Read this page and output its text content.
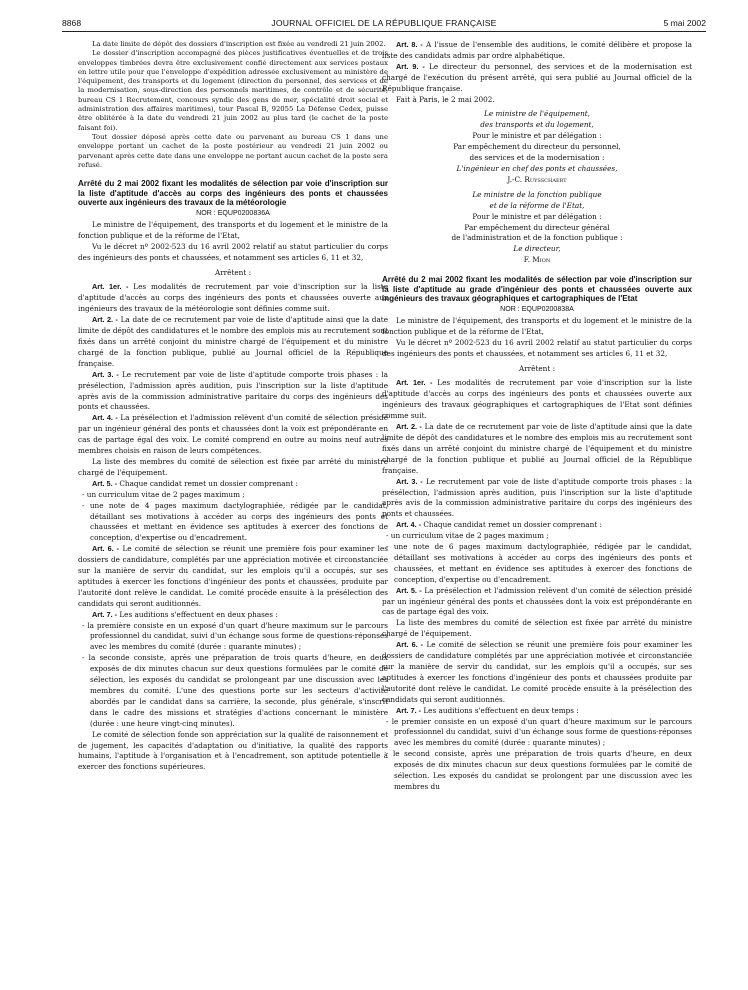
8868	JOURNAL OFFICIEL DE LA RÉPUBLIQUE FRANÇAISE	5 mai 2002

La date limite de dépôt des dossiers d'inscription est fixée au vendredi 21 juin 2002.

Le dossier d'inscription accompagné des pièces justificatives éventuelles et de trois enveloppes timbrées devra être exclusivement confié directement aux services postaux en lettre utile pour que l'enveloppe d'expédition adressée exclusivement au ministère de l'équipement, des transports et du logement (direction du personnel, des services et de la modernisation, sous-direction des personnels maritimes, de contrôle et de sécurité, bureau CS 1 Recrutement, concours syndic des gens de mer, spécialité droit social et administration des affaires maritimes), tour Pascal B, 92055 La Défense Cedex, puisse être oblitérée à la date du vendredi 21 juin 2002 au plus tard (le cachet de la poste faisant foi).

Tout dossier déposé après cette date ou parvenant au bureau CS 1 dans une enveloppe portant un cachet de la poste postérieur au vendredi 21 juin 2002 ou parvenant après cette date dans une enveloppe ne portant aucun cachet de la poste sera refusé.

Arrêté du 2 mai 2002 fixant les modalités de sélection par voie d'inscription sur la liste d'aptitude d'accès au corps des ingénieurs des ponts et chaussées ouverte aux ingénieurs des travaux de la météorologie

NOR : EQUP0200836A

Le ministre de l'équipement, des transports et du logement et le ministre de la fonction publique et de la réforme de l'Etat,

Vu le décret nº 2002-523 du 16 avril 2002 relatif au statut particulier du corps des ingénieurs des ponts et chaussées, et notamment ses articles 6, 11 et 32,

Arrêtent :

Art. 1er. - Les modalités de recrutement par voie d'inscription sur la liste d'aptitude d'accès au corps des ingénieurs des ponts et chaussées ouverte aux ingénieurs des travaux de la météorologie sont définies comme suit.

Art. 2. - La date de ce recrutement par voie de liste d'aptitude ainsi que la date limite de dépôt des candidatures et le nombre des emplois mis au recrutement sont fixés dans un arrêté conjoint du ministre chargé de l'équipement et du ministre chargé de la fonction publique, publié au Journal officiel de la République française.

Art. 3. - Le recrutement par voie de liste d'aptitude comporte trois phases : la présélection, l'admission après audition, puis l'inscription sur la liste d'aptitude après avis de la commission administrative paritaire du corps des ingénieurs des ponts et chaussées.

Art. 4. - La présélection et l'admission relèvent d'un comité de sélection présidé par un ingénieur général des ponts et chaussées dont la voix est prépondérante en cas de partage égal des voix. Le comité comprend en outre au moins neuf autres membres choisis en raison de leurs compétences.

La liste des membres du comité de sélection est fixée par arrêté du ministre chargé de l'équipement.

Art. 5. - Chaque candidat remet un dossier comprenant :

- un curriculum vitae de 2 pages maximum ;
- une note de 4 pages maximum dactylographiée, rédigée par le candidat, détaillant ses motivations à accéder au corps des ingénieurs des ponts et chaussées et mettant en évidence ses aptitudes à exercer des fonctions de conception, d'expertise ou d'encadrement.

Art. 6. - Le comité de sélection se réunit une première fois pour examiner les dossiers de candidature, complétés par une appréciation motivée et circonstanciée sur la manière de servir du candidat, sur les emplois qu'il a occupés, sur ses aptitudes à exercer les fonctions d'ingénieur des ponts et chaussées, produite par l'autorité dont relève le candidat. Le comité procède ensuite à la présélection des candidats qui seront auditionnés.

Art. 7. - Les auditions s'effectuent en deux phases :

- la première consiste en un exposé d'un quart d'heure maximum sur le parcours professionnel du candidat, suivi d'un échange sous forme de questions-réponses avec les membres du comité (durée : quarante minutes) ;
- la seconde consiste, après une préparation de trois quarts d'heure, en deux exposés de dix minutes chacun sur deux questions formulées par le comité de sélection, les exposés du candidat se prolongeant par une discussion avec les membres du comité. L'une des questions porte sur les secteurs d'activité abordés par le candidat dans sa carrière, la seconde, plus générale, s'inscrit dans le cadre des missions et stratégies d'actions concernant le ministère (durée : une heure vingt-cinq minutes).

Le comité de sélection fonde son appréciation sur la qualité de raisonnement et de jugement, les capacités d'adaptation ou d'initiative, la qualité des rapports humains, l'aptitude à l'organisation et à l'encadrement, son aptitude potentielle à exercer des fonctions supérieures.

Art. 8. - A l'issue de l'ensemble des auditions, le comité délibère et propose la liste des candidats admis par ordre alphabétique.

Art. 9. - Le directeur du personnel, des services et de la modernisation est chargé de l'exécution du présent arrêté, qui sera publié au Journal officiel de la République française.

Fait à Paris, le 2 mai 2002.

Le ministre de l'équipement,

des transports et du logement,

Pour le ministre et par délégation :

Par empêchement du directeur du personnel,

des services et de la modernisation :

L'ingénieur en chef des ponts et chaussées,

J.-C. Ruysschaert

Le ministre de la fonction publique

et de la réforme de l'Etat,

Pour le ministre et par délégation :

Par empêchement du directeur général

de l'administration et de la fonction publique :

Le directeur,

F. Mion

Arrêté du 2 mai 2002 fixant les modalités de sélection par voie d'inscription sur la liste d'aptitude au grade d'ingénieur des ponts et chaussées ouverte aux ingénieurs des travaux géographiques et cartographiques de l'Etat

NOR : EQUP0200838A

Le ministre de l'équipement, des transports et du logement et le ministre de la fonction publique et de la réforme de l'Etat,

Vu le décret nº 2002-523 du 16 avril 2002 relatif au statut particulier du corps des ingénieurs des ponts et chaussées, et notamment ses articles 6, 11 et 32,

Arrêtent :

Art. 1er. - Les modalités de recrutement par voie d'inscription sur la liste d'aptitude d'accès au corps des ingénieurs des ponts et chaussées ouverte aux ingénieurs des travaux géographiques et cartographiques de l'Etat sont définies comme suit.

Art. 2. - La date de ce recrutement par voie de liste d'aptitude ainsi que la date limite de dépôt des candidatures et le nombre des emplois mis au recrutement sont fixés dans un arrêté conjoint du ministre chargé de l'équipement et du ministre chargé de la fonction publique et publié au Journal officiel de la République française.

Art. 3. - Le recrutement par voie de liste d'aptitude comporte trois phases : la présélection, l'admission après audition, puis l'inscription sur la liste d'aptitude après avis de la commission administrative paritaire du corps des ingénieurs des ponts et chaussées.

Art. 4. - Chaque candidat remet un dossier comprenant :

- un curriculum vitae de 2 pages maximum ;
- une note de 6 pages maximum dactylographiée, rédigée par le candidat, détaillant ses motivations à accéder au corps des ingénieurs des ponts et chaussées, et mettant en évidence ses aptitudes à exercer des fonctions de conception, d'expertise ou d'encadrement.

Art. 5. - La présélection et l'admission relèvent d'un comité de sélection présidé par un ingénieur général des ponts et chaussées dont la voix est prépondérante en cas de partage égal des voix.

La liste des membres du comité de sélection est fixée par arrêté du ministre chargé de l'équipement.

Art. 6. - Le comité de sélection se réunit une première fois pour examiner les dossiers de candidature complétés par une appréciation motivée et circonstanciée sur la manière de servir du candidat, sur les emplois qu'il a occupés, sur ses aptitudes à exercer les fonctions d'ingénieur des ponts et chaussées produite par l'autorité dont relève le candidat. Le comité procède ensuite à la présélection des candidats qui seront auditionnés.

Art. 7. - Les auditions s'effectuent en deux temps :

- le premier consiste en un exposé d'un quart d'heure maximum sur le parcours professionnel du candidat, suivi d'un échange sous forme de questions-réponses avec les membres du comité (durée : quarante minutes) ;
- le second consiste, après une préparation de trois quarts d'heure, en deux exposés de dix minutes chacun sur deux questions formulées par le comité de sélection. Les exposés du candidat se prolongent par une discussion avec les membres du
